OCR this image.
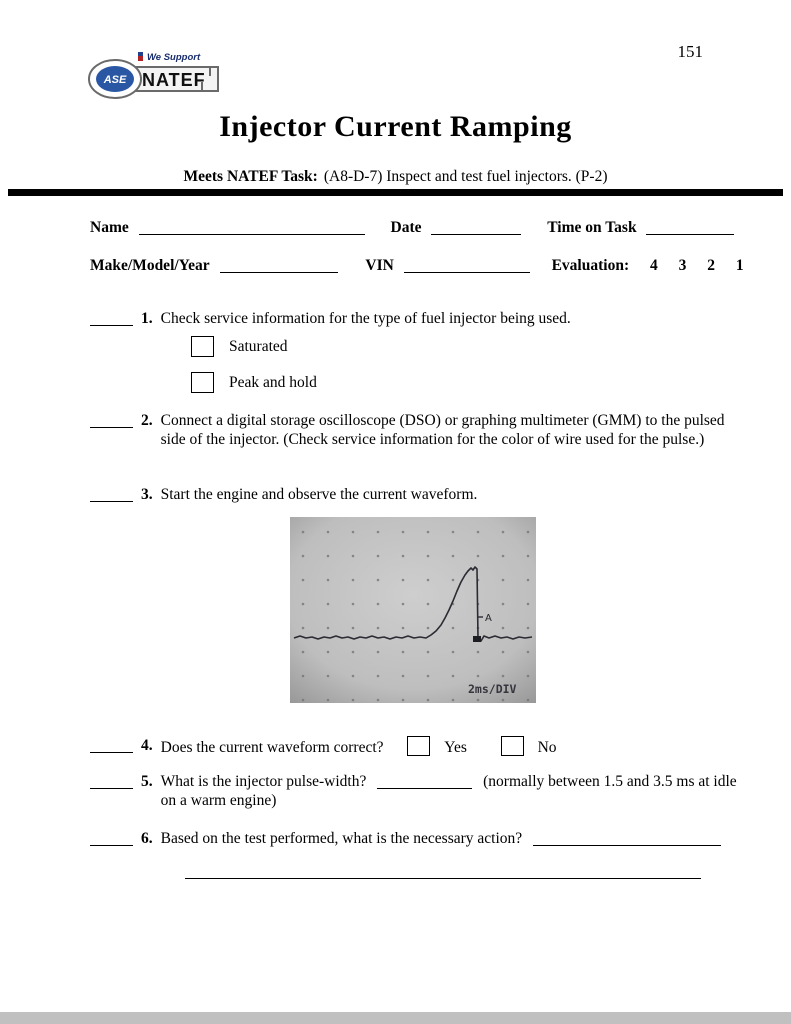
ASE
We Support
NATEF
151
Injector Current Ramping
Meets NATEF Task: (A8-D-7) Inspect and test fuel injectors. (P-2)
Name	Date	Time on Task
Make/Model/Year	VIN	Evaluation: 4 3 2 1
1. Check service information for the type of fuel injector being used.
Saturated
Peak and hold
2. Connect a digital storage oscilloscope (DSO) or graphing multimeter (GMM) to the pulsed side of the injector. (Check service information for the color of wire used for the pulse.)
3. Start the engine and observe the current waveform.
A
2ms/DIV
4. Does the current waveform correct?	Yes	No
5. What is the injector pulse-width?	(normally between 1.5 and 3.5 ms at idle on a warm engine)
6. Based on the test performed, what is the necessary action?
